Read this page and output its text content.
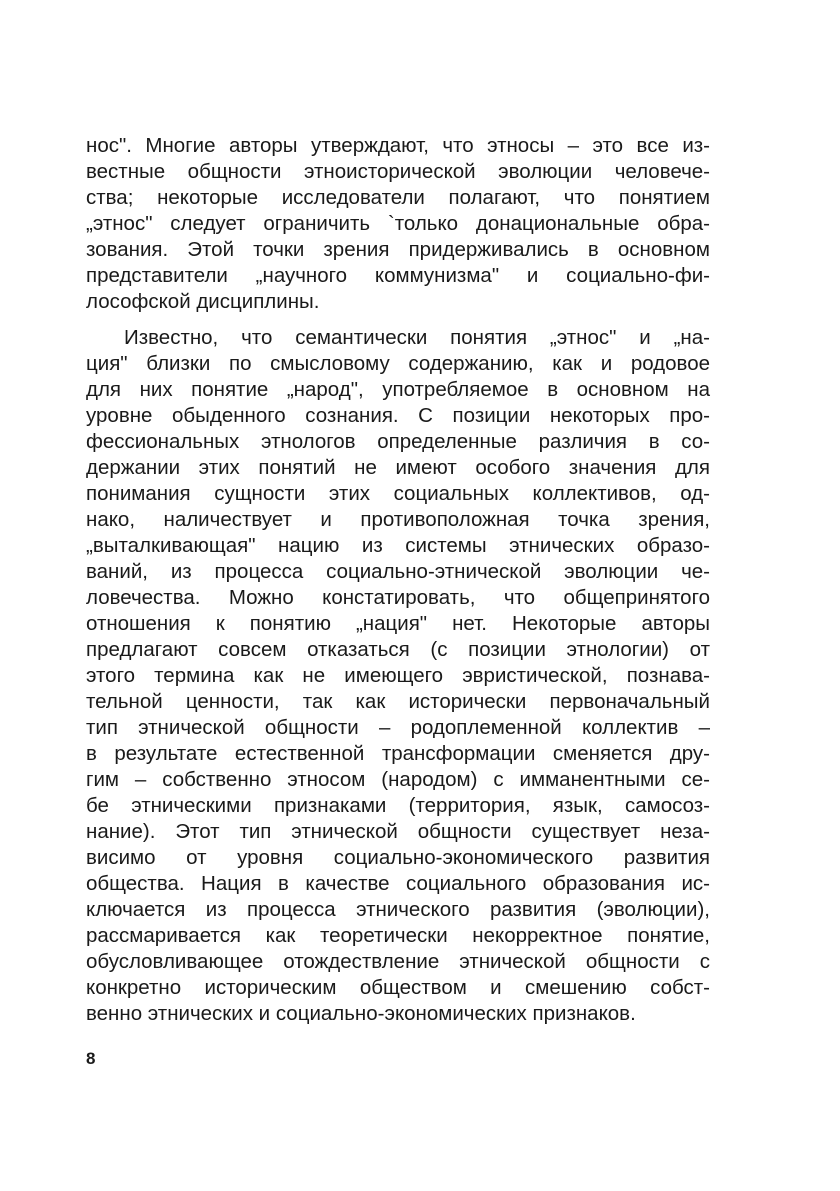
нос". Многие авторы утверждают, что этносы – это все из-
вестные общности этноисторической эволюции человече-
ства; некоторые исследователи полагают, что понятием
„этнос" следует ограничить `только донациональные обра-
зования. Этой точки зрения придерживались в основном
представители „научного коммунизма" и социально-фи-
лософской дисциплины.
Известно, что семантически понятия „этнос" и „на-
ция" близки по смысловому содержанию, как и родовое
для них понятие „народ", употребляемое в основном на
уровне обыденного сознания. С позиции некоторых про-
фессиональных этнологов определенные различия в со-
держании этих понятий не имеют особого значения для
понимания сущности этих социальных коллективов, од-
нако, наличествует и противоположная точка зрения,
„выталкивающая" нацию из системы этнических образо-
ваний, из процесса социально-этнической эволюции че-
ловечества. Можно констатировать, что общепринятого
отношения к понятию „нация" нет. Некоторые авторы
предлагают совсем отказаться (с позиции этнологии) от
этого термина как не имеющего эвристической, познава-
тельной ценности, так как исторически первоначальный
тип этнической общности – родоплеменной коллектив –
в результате естественной трансформации сменяется дру-
гим – собственно этносом (народом) с имманентными се-
бе этническими признаками (территория, язык, самосоз-
нание). Этот тип этнической общности существует неза-
висимо от уровня социально-экономического развития
общества. Нация в качестве социального образования ис-
ключается из процесса этнического развития (эволюции),
рассмаривается как теоретически некорректное понятие,
обусловливающее отождествление этнической общности с
конкретно историческим обществом и смешению собст-
венно этнических и социально-экономических признаков.
8
